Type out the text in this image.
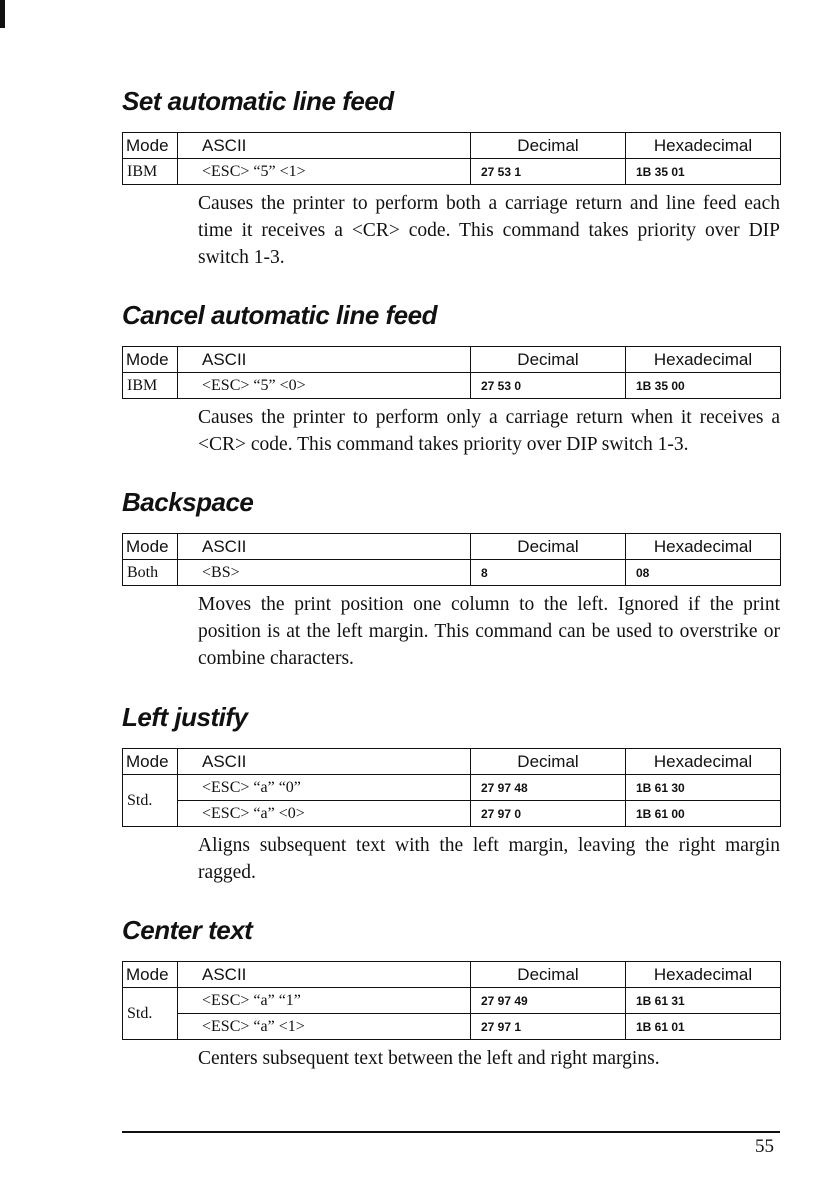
Set automatic line feed
Mode	ASCII	Decimal	Hexadecimal
IBM	<ESC> “5” <1>	27 53 1	1B 35 01

Causes the printer to perform both a carriage return and line feed each time it receives a <CR> code. This command takes priority over DIP switch 1-3.

Cancel automatic line feed
Mode	ASCII	Decimal	Hexadecimal
IBM	<ESC> “5” <0>	27 53 0	1B 35 00

Causes the printer to perform only a carriage return when it receives a <CR> code. This command takes priority over DIP switch 1-3.

Backspace
Mode	ASCII	Decimal	Hexadecimal
Both	<BS>	8	08

Moves the print position one column to the left. Ignored if the print position is at the left margin. This command can be used to overstrike or combine characters.

Left justify
Mode	ASCII	Decimal	Hexadecimal
Std.	<ESC> “a” “0”	27 97 48	1B 61 30
	<ESC> “a” <0>	27 97 0	1B 61 00

Aligns subsequent text with the left margin, leaving the right margin ragged.

Center text
Mode	ASCII	Decimal	Hexadecimal
Std.	<ESC> “a” “1”	27 97 49	1B 61 31
	<ESC> “a” <1>	27 97 1	1B 61 01

Centers subsequent text between the left and right margins.

55
